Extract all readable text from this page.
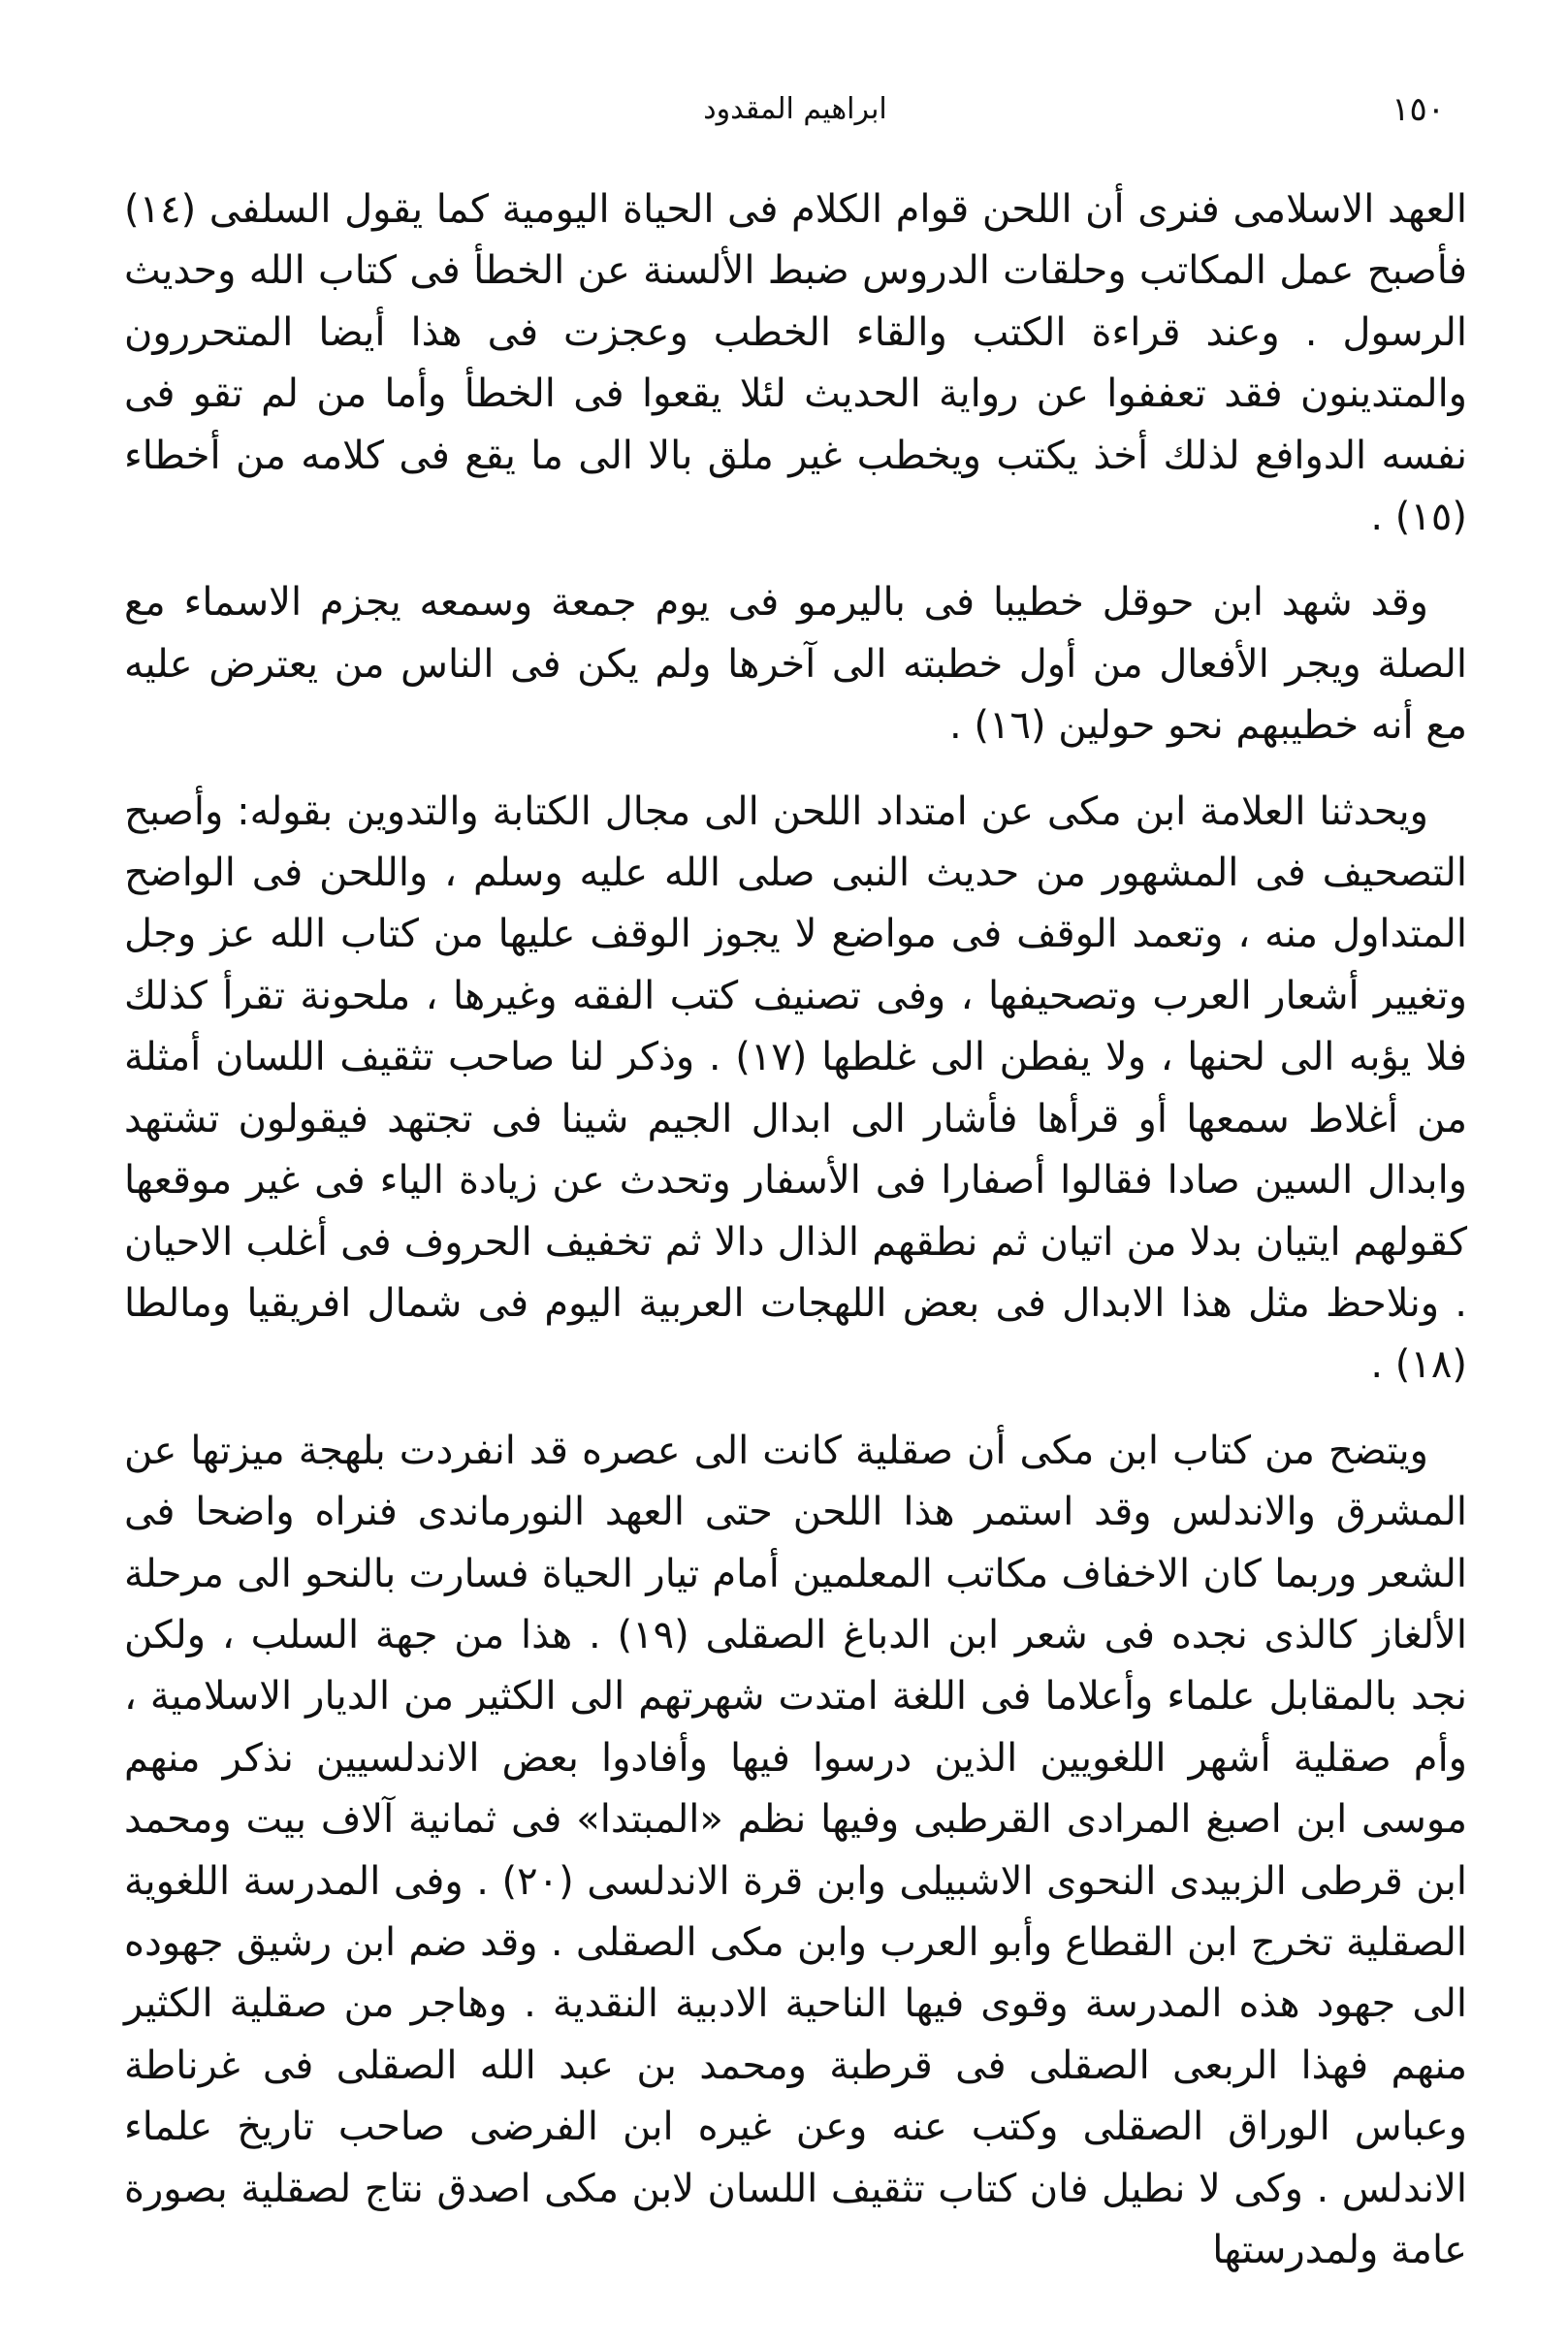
١٥٠
ابراهيم المقدود

العهد الاسلامى فنرى أن اللحن قوام الكلام فى الحياة اليومية كما يقول السلفى (١٤) فأصبح عمل المكاتب وحلقات الدروس ضبط الألسنة عن الخطأ فى كتاب الله وحديث الرسول . وعند قراءة الكتب والقاء الخطب وعجزت فى هذا أيضا المتحررون والمتدينون فقد تعففوا عن رواية الحديث لئلا يقعوا فى الخطأ وأما من لم تقو فى نفسه الدوافع لذلك أخذ يكتب ويخطب غير ملق بالا الى ما يقع فى كلامه من أخطاء (١٥) .

وقد شهد ابن حوقل خطيبا فى باليرمو فى يوم جمعة وسمعه يجزم الاسماء مع الصلة ويجر الأفعال من أول خطبته الى آخرها ولم يكن فى الناس من يعترض عليه مع أنه خطيبهم نحو حولين (١٦) .

ويحدثنا العلامة ابن مكى عن امتداد اللحن الى مجال الكتابة والتدوين بقوله: وأصبح التصحيف فى المشهور من حديث النبى صلى الله عليه وسلم ، واللحن فى الواضح المتداول منه ، وتعمد الوقف فى مواضع لا يجوز الوقف عليها من كتاب الله عز وجل وتغيير أشعار العرب وتصحيفها ، وفى تصنيف كتب الفقه وغيرها ، ملحونة تقرأ كذلك فلا يؤبه الى لحنها ، ولا يفطن الى غلطها (١٧) . وذكر لنا صاحب تثقيف اللسان أمثلة من أغلاط سمعها أو قرأها فأشار الى ابدال الجيم شينا فى تجتهد فيقولون تشتهد وابدال السين صادا فقالوا أصفارا فى الأسفار وتحدث عن زيادة الياء فى غير موقعها كقولهم ايتيان بدلا من اتيان ثم نطقهم الذال دالا ثم تخفيف الحروف فى أغلب الاحيان . ونلاحظ مثل هذا الابدال فى بعض اللهجات العربية اليوم فى شمال افريقيا ومالطا (١٨) .

ويتضح من كتاب ابن مكى أن صقلية كانت الى عصره قد انفردت بلهجة ميزتها عن المشرق والاندلس وقد استمر هذا اللحن حتى العهد النورماندى فنراه واضحا فى الشعر وربما كان الاخفاف مكاتب المعلمين أمام تيار الحياة فسارت بالنحو الى مرحلة الألغاز كالذى نجده فى شعر ابن الدباغ الصقلى (١٩) . هذا من جهة السلب ، ولكن نجد بالمقابل علماء وأعلاما فى اللغة امتدت شهرتهم الى الكثير من الديار الاسلامية ، وأم صقلية أشهر اللغويين الذين درسوا فيها وأفادوا بعض الاندلسيين نذكر منهم موسى ابن اصبغ المرادى القرطبى وفيها نظم «المبتدا» فى ثمانية آلاف بيت ومحمد ابن قرطى الزبيدى النحوى الاشبيلى وابن قرة الاندلسى (٢٠) . وفى المدرسة اللغوية الصقلية تخرج ابن القطاع وأبو العرب وابن مكى الصقلى . وقد ضم ابن رشيق جهوده الى جهود هذه المدرسة وقوى فيها الناحية الادبية النقدية . وهاجر من صقلية الكثير منهم فهذا الربعى الصقلى فى قرطبة ومحمد بن عبد الله الصقلى فى غرناطة وعباس الوراق الصقلى وكتب عنه وعن غيره ابن الفرضى صاحب تاريخ علماء الاندلس . وكى لا نطيل فان كتاب تثقيف اللسان لابن مكى اصدق نتاج لصقلية بصورة عامة ولمدرستها
